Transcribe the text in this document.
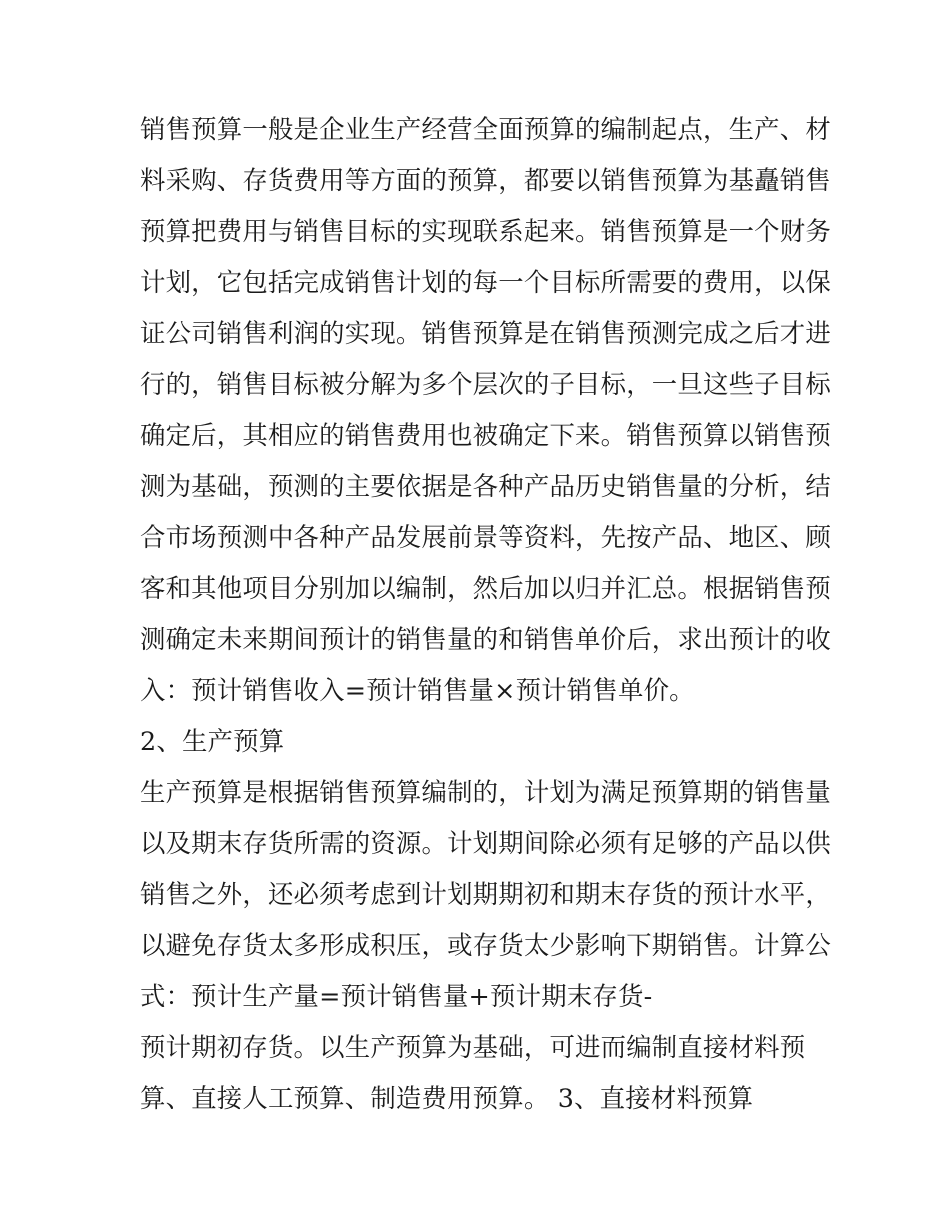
销售预算一般是企业生产经营全面预算的编制起点，生产、材
料采购、存货费用等方面的预算，都要以销售预算为基矗销售
预算把费用与销售目标的实现联系起来。销售预算是一个财务
计划，它包括完成销售计划的每一个目标所需要的费用，以保
证公司销售利润的实现。销售预算是在销售预测完成之后才进
行的，销售目标被分解为多个层次的子目标，一旦这些子目标
确定后，其相应的销售费用也被确定下来。销售预算以销售预
测为基础，预测的主要依据是各种产品历史销售量的分析，结
合市场预测中各种产品发展前景等资料，先按产品、地区、顾
客和其他项目分别加以编制，然后加以归并汇总。根据销售预
测确定未来期间预计的销售量的和销售单价后，求出预计的收
入：预计销售收入=预计销售量×预计销售单价。
2、生产预算
生产预算是根据销售预算编制的，计划为满足预算期的销售量
以及期末存货所需的资源。计划期间除必须有足够的产品以供
销售之外，还必须考虑到计划期期初和期末存货的预计水平，
以避免存货太多形成积压，或存货太少影响下期销售。计算公
式：预计生产量=预计销售量+预计期末存货-
预计期初存货。以生产预算为基础，可进而编制直接材料预
算、直接人工预算、制造费用预算。 3、直接材料预算
